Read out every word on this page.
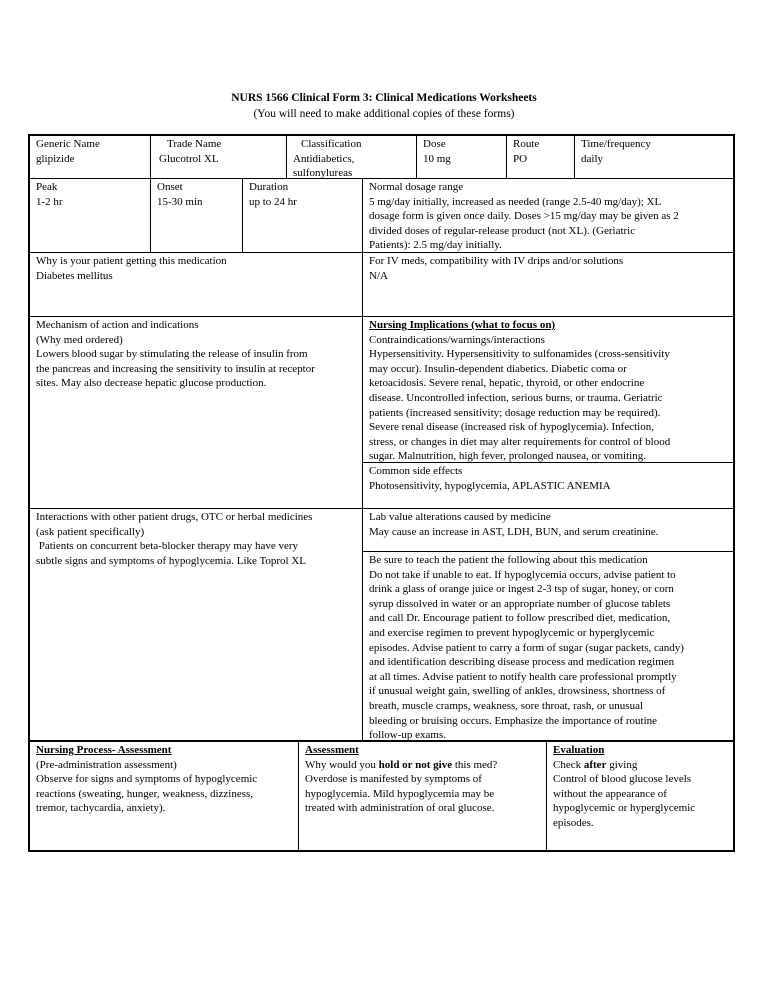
NURS 1566 Clinical Form 3: Clinical Medications Worksheets
(You will need to make additional copies of these forms)
Generic Name
glipizide
Trade Name
Glucotrol XL
Classification
Antidiabetics,
sulfonylureas
Dose
10 mg
Route
PO
Time/frequency
daily
Peak
1-2 hr
Onset
15-30 min
Duration
up to 24 hr
Normal dosage range
5 mg/day initially, increased as needed (range 2.5-40 mg/day); XL
dosage form is given once daily. Doses >15 mg/day may be given as 2
divided doses of regular-release product (not XL). (Geriatric
Patients): 2.5 mg/day initially.
Why is your patient getting this medication
Diabetes mellitus
For IV meds, compatibility with IV drips and/or solutions
N/A
Mechanism of action and indications
(Why med ordered)
Lowers blood sugar by stimulating the release of insulin from
the pancreas and increasing the sensitivity to insulin at receptor
sites. May also decrease hepatic glucose production.
Nursing Implications (what to focus on)
Contraindications/warnings/interactions
Hypersensitivity. Hypersensitivity to sulfonamides (cross-sensitivity
may occur). Insulin-dependent diabetics. Diabetic coma or
ketoacidosis. Severe renal, hepatic, thyroid, or other endocrine
disease. Uncontrolled infection, serious burns, or trauma. Geriatric
patients (increased sensitivity; dosage reduction may be required).
Severe renal disease (increased risk of hypoglycemia). Infection,
stress, or changes in diet may alter requirements for control of blood
sugar. Malnutrition, high fever, prolonged nausea, or vomiting.
Common side effects
Photosensitivity, hypoglycemia, APLASTIC ANEMIA
Interactions with other patient drugs, OTC or herbal medicines
(ask patient specifically)
Patients on concurrent beta-blocker therapy may have very
subtle signs and symptoms of hypoglycemia. Like Toprol XL
Lab value alterations caused by medicine
May cause an increase in AST, LDH, BUN, and serum creatinine.
Be sure to teach the patient the following about this medication
Do not take if unable to eat. If hypoglycemia occurs, advise patient to
drink a glass of orange juice or ingest 2-3 tsp of sugar, honey, or corn
syrup dissolved in water or an appropriate number of glucose tablets
and call Dr. Encourage patient to follow prescribed diet, medication,
and exercise regimen to prevent hypoglycemic or hyperglycemic
episodes. Advise patient to carry a form of sugar (sugar packets, candy)
and identification describing disease process and medication regimen
at all times. Advise patient to notify health care professional promptly
if unusual weight gain, swelling of ankles, drowsiness, shortness of
breath, muscle cramps, weakness, sore throat, rash, or unusual
bleeding or bruising occurs. Emphasize the importance of routine
follow-up exams.
Nursing Process- Assessment
(Pre-administration assessment)
Observe for signs and symptoms of hypoglycemic
reactions (sweating, hunger, weakness, dizziness,
tremor, tachycardia, anxiety).
Assessment
Why would you hold or not give this med?
Overdose is manifested by symptoms of
hypoglycemia. Mild hypoglycemia may be
treated with administration of oral glucose.
Evaluation
Check after giving
Control of blood glucose levels
without the appearance of
hypoglycemic or hyperglycemic
episodes.
